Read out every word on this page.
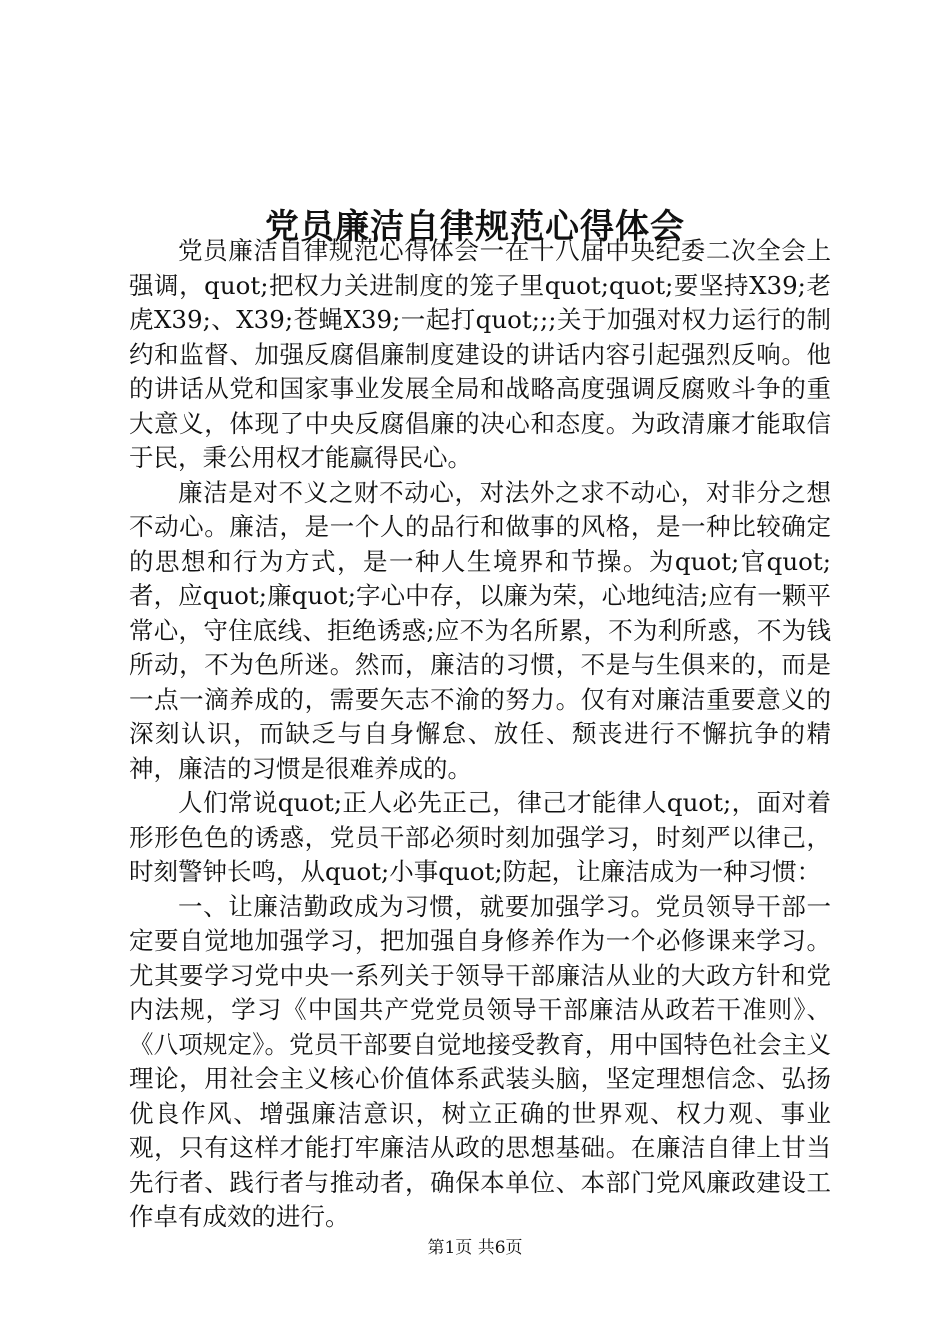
党员廉洁自律规范心得体会

党员廉洁自律规范心得体会一在十八届中央纪委二次全会上强调，quot;把权力关进制度的笼子里quot;quot;要坚持X39;老虎X39;、X39;苍蝇X39;一起打quot;;;关于加强对权力运行的制约和监督、加强反腐倡廉制度建设的讲话内容引起强烈反响。他的讲话从党和国家事业发展全局和战略高度强调反腐败斗争的重大意义，体现了中央反腐倡廉的决心和态度。为政清廉才能取信于民，秉公用权才能赢得民心。

廉洁是对不义之财不动心，对法外之求不动心，对非分之想不动心。廉洁，是一个人的品行和做事的风格，是一种比较确定的思想和行为方式，是一种人生境界和节操。为quot;官quot;者，应quot;廉quot;字心中存，以廉为荣，心地纯洁;应有一颗平常心，守住底线、拒绝诱惑;应不为名所累，不为利所惑，不为钱所动，不为色所迷。然而，廉洁的习惯，不是与生俱来的，而是一点一滴养成的，需要矢志不渝的努力。仅有对廉洁重要意义的深刻认识，而缺乏与自身懈怠、放任、颓丧进行不懈抗争的精神，廉洁的习惯是很难养成的。

人们常说quot;正人必先正己，律己才能律人quot;，面对着形形色色的诱惑，党员干部必须时刻加强学习，时刻严以律己，时刻警钟长鸣，从quot;小事quot;防起，让廉洁成为一种习惯：

一、让廉洁勤政成为习惯，就要加强学习。党员领导干部一定要自觉地加强学习，把加强自身修养作为一个必修课来学习。尤其要学习党中央一系列关于领导干部廉洁从业的大政方针和党内法规，学习《中国共产党党员领导干部廉洁从政若干准则》、《八项规定》。党员干部要自觉地接受教育，用中国特色社会主义理论，用社会主义核心价值体系武装头脑，坚定理想信念、弘扬优良作风、增强廉洁意识，树立正确的世界观、权力观、事业观，只有这样才能打牢廉洁从政的思想基础。在廉洁自律上甘当先行者、践行者与推动者，确保本单位、本部门党风廉政建设工作卓有成效的进行。

第1页 共6页
